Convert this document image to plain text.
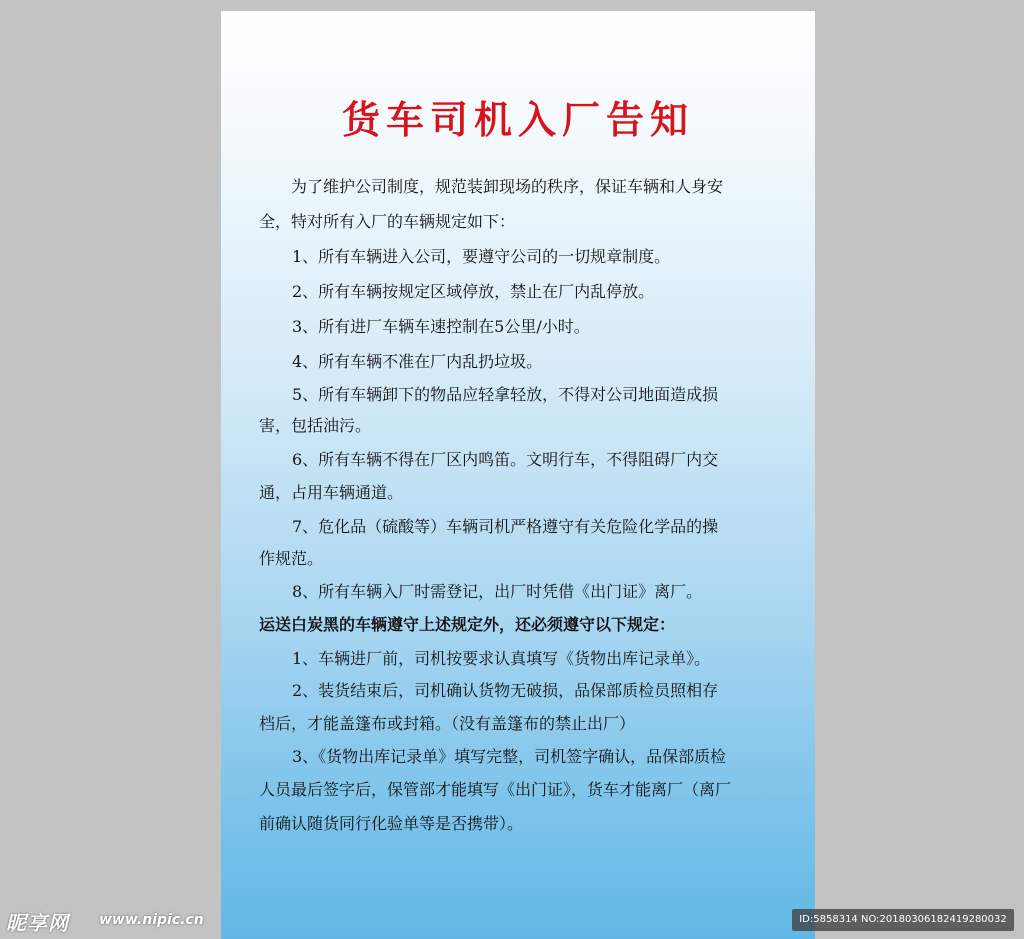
货车司机入厂告知
为了维护公司制度，规范装卸现场的秩序，保证车辆和人身安
全，特对所有入厂的车辆规定如下：
1、所有车辆进入公司，要遵守公司的一切规章制度。
2、所有车辆按规定区域停放，禁止在厂内乱停放。
3、所有进厂车辆车速控制在5公里/小时。
4、所有车辆不准在厂内乱扔垃圾。
5、所有车辆卸下的物品应轻拿轻放，不得对公司地面造成损
害，包括油污。
6、所有车辆不得在厂区内鸣笛。文明行车，不得阻碍厂内交
通，占用车辆通道。
7、危化品（硫酸等）车辆司机严格遵守有关危险化学品的操
作规范。
8、所有车辆入厂时需登记，出厂时凭借《出门证》离厂。
运送白炭黑的车辆遵守上述规定外，还必须遵守以下规定：
1、车辆进厂前，司机按要求认真填写《货物出库记录单》。
2、装货结束后，司机确认货物无破损，品保部质检员照相存
档后，才能盖篷布或封箱。（没有盖篷布的禁止出厂）
3、《货物出库记录单》填写完整，司机签字确认，品保部质检
人员最后签字后，保管部才能填写《出门证》，货车才能离厂（离厂
前确认随货同行化验单等是否携带）。
昵享网 www.nipic.cn	ID:5858314 NO:20180306182419280032
